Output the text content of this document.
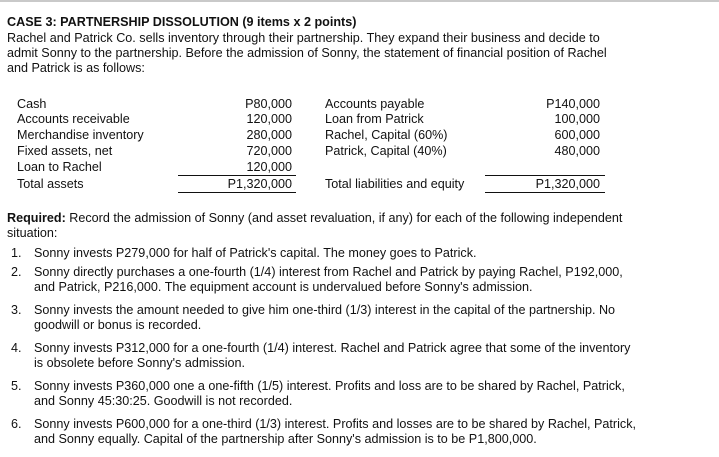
CASE 3: PARTNERSHIP DISSOLUTION (9 items x 2 points)
Rachel and Patrick Co. sells inventory through their partnership. They expand their business and decide to
admit Sonny to the partnership. Before the admission of Sonny, the statement of financial position of Rachel
and Patrick is as follows:
Cash
Accounts receivable
Merchandise inventory
Fixed assets, net
Loan to Rachel
Total assets
P80,000
120,000
280,000
720,000
120,000
P1,320,000
Accounts payable
Loan from Patrick
Rachel, Capital (60%)
Patrick, Capital (40%)
Total liabilities and equity
P140,000
100,000
600,000
480,000
P1,320,000
Required: Record the admission of Sonny (and asset revaluation, if any) for each of the following independent
situation:
1. Sonny invests P279,000 for half of Patrick's capital. The money goes to Patrick.
2. Sonny directly purchases a one-fourth (1/4) interest from Rachel and Patrick by paying Rachel, P192,000,
and Patrick, P216,000. The equipment account is undervalued before Sonny's admission.
3. Sonny invests the amount needed to give him one-third (1/3) interest in the capital of the partnership. No
goodwill or bonus is recorded.
4. Sonny invests P312,000 for a one-fourth (1/4) interest. Rachel and Patrick agree that some of the inventory
is obsolete before Sonny's admission.
5. Sonny invests P360,000 one a one-fifth (1/5) interest. Profits and loss are to be shared by Rachel, Patrick,
and Sonny 45:30:25. Goodwill is not recorded.
6. Sonny invests P600,000 for a one-third (1/3) interest. Profits and losses are to be shared by Rachel, Patrick,
and Sonny equally. Capital of the partnership after Sonny's admission is to be P1,800,000.
